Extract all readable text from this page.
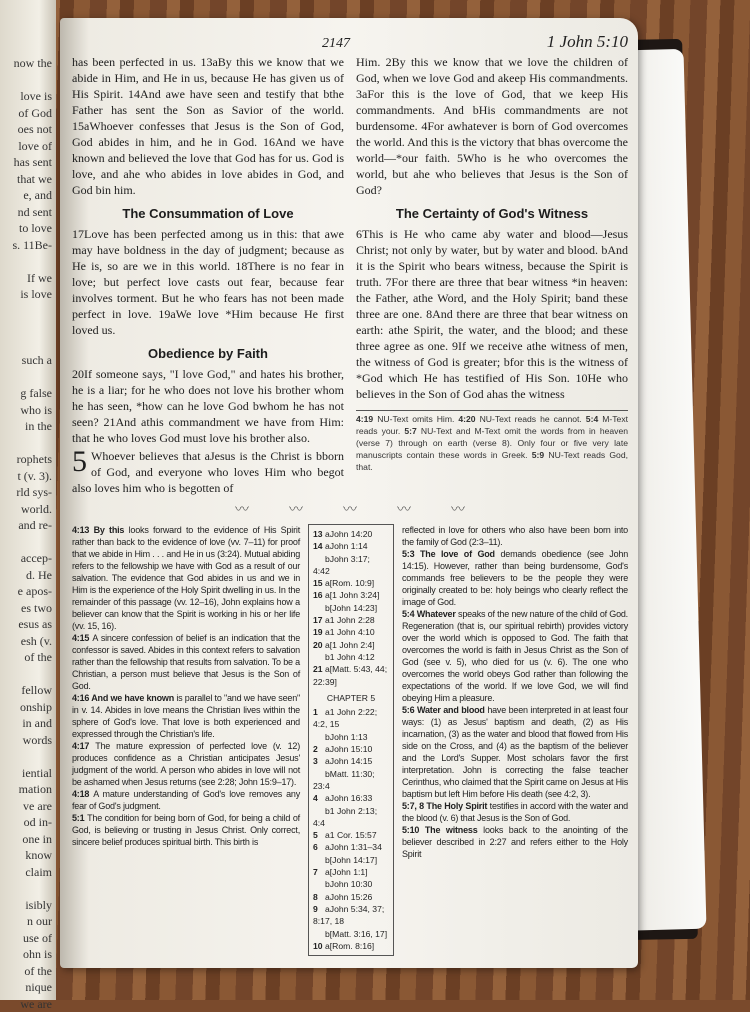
now the

love is
of God
oes not
love of
has sent
that we
e, and
nd sent
to love
s. 11Be-

If we
is love

such a

g false
who is
in the

rophets
t (v. 3).
rld sys-
world.
and re-

accep-
d. He
e apos-
es two
esus as
esh (v.
of the

fellow
onship
in and
words

iential
mation
ve are
od in-
one in
know
claim

isibly
n our
use of
ohn is
of the
nique
we are
2147	1 John 5:10

has been perfected in us. 13aBy this we know that we abide in Him, and He in us, because He has given us of His Spirit. 14And awe have seen and testify that bthe Father has sent the Son as Savior of the world. 15aWhoever confesses that Jesus is the Son of God, God abides in him, and he in God. 16And we have known and believed the love that God has for us. God is love, and ahe who abides in love abides in God, and God bin him.

The Consummation of Love

17Love has been perfected among us in this: that awe may have boldness in the day of judgment; because as He is, so are we in this world. 18There is no fear in love; but perfect love casts out fear, because fear involves torment. But he who fears has not been made perfect in love. 19aWe love *Him because He first loved us.

Obedience by Faith

20If someone says, "I love God," and hates his brother, he is a liar; for he who does not love his brother whom he has seen, *how can he love God bwhom he has not seen? 21And athis commandment we have from Him: that he who loves God must love his brother also.

5 Whoever believes that aJesus is the Christ is bborn of God, and everyone who loves Him who begot also loves him who is begotten of

Him. 2By this we know that we love the children of God, when we love God and akeep His commandments. 3aFor this is the love of God, that we keep His commandments. And bHis commandments are not burdensome. 4For awhatever is born of God overcomes the world. And this is the victory that bhas overcome the world—*our faith. 5Who is he who overcomes the world, but ahe who believes that Jesus is the Son of God?

The Certainty of God's Witness

6This is He who came aby water and blood—Jesus Christ; not only by water, but by water and blood. bAnd it is the Spirit who bears witness, because the Spirit is truth. 7For there are three that bear witness *in heaven: the Father, athe Word, and the Holy Spirit; band these three are one. 8And there are three that bear witness on earth: athe Spirit, the water, and the blood; and these three agree as one. 9If we receive athe witness of men, the witness of God is greater; bfor this is the witness of *God which He has testified of His Son. 10He who believes in the Son of God ahas the witness

4:19 NU-Text omits Him. 4:20 NU-Text reads he cannot. 5:4 M-Text reads your. 5:7 NU-Text and M-Text omit the words from in heaven (verse 7) through on earth (verse 8). Only four or five very late manuscripts contain these words in Greek. 5:9 NU-Text reads God, that.
〰	〰	〰	〰	〰

4:13 By this looks forward to the evidence of His Spirit rather than back to the evidence of love (vv. 7–11) for proof that we abide in Him . . . and He in us (3:24). Mutual abiding refers to the fellowship we have with God as a result of our salvation. The evidence that God abides in us and we in Him is the experience of the Holy Spirit dwelling in us. In the remainder of this passage (vv. 12–16), John explains how a believer can know that the Spirit is working in his or her life (vv. 15, 16).

4:15 A sincere confession of belief is an indication that the confessor is saved. Abides in this context refers to salvation rather than the fellowship that results from salvation. To be a Christian, a person must believe that Jesus is the Son of God.

4:16 And we have known is parallel to "and we have seen" in v. 14. Abides in love means the Christian lives within the sphere of God's love. That love is both experienced and expressed through the Christian's life.

4:17 The mature expression of perfected love (v. 12) produces confidence as a Christian anticipates Jesus' judgment of the world. A person who abides in love will not be ashamed when Jesus returns (see 2:28; John 15:9–17).

4:18 A mature understanding of God's love removes any fear of God's judgment.

5:1 The condition for being born of God, for being a child of God, is believing or trusting in Jesus Christ. Only correct, sincere belief produces spiritual birth. This birth is

13 aJohn 14:20
14 aJohn 1:14
bJohn 3:17; 4:42
15 a[Rom. 10:9]
16 a[1 John 3:24]
b[John 14:23]
17 a1 John 2:28
19 a1 John 4:10
20 a[1 John 2:4]
b1 John 4:12
21 a[Matt. 5:43, 44; 22:39]
CHAPTER 5
1 a1 John 2:22; 4:2, 15
bJohn 1:13
2 aJohn 15:10
3 aJohn 14:15
bMatt. 11:30; 23:4
4 aJohn 16:33
b1 John 2:13; 4:4
5 a1 Cor. 15:57
6 aJohn 1:31–34
b[John 14:17]
7 a[John 1:1]
bJohn 10:30
8 aJohn 15:26
9 aJohn 5:34, 37; 8:17, 18
b[Matt. 3:16, 17]
10 a[Rom. 8:16]

reflected in love for others who also have been born into the family of God (2:3–11).

5:3 The love of God demands obedience (see John 14:15). However, rather than being burdensome, God's commands free believers to be the people they were originally created to be: holy beings who clearly reflect the image of God.

5:4 Whatever speaks of the new nature of the child of God. Regeneration (that is, our spiritual rebirth) provides victory over the world which is opposed to God. The faith that overcomes the world is faith in Jesus Christ as the Son of God (see v. 5), who died for us (v. 6). The one who overcomes the world obeys God rather than following the expectations of the world. If we love God, we will find obeying Him a pleasure.

5:6 Water and blood have been interpreted in at least four ways: (1) as Jesus' baptism and death, (2) as His incarnation, (3) as the water and blood that flowed from His side on the Cross, and (4) as the baptism of the believer and the Lord's Supper. Most scholars favor the first interpretation. John is correcting the false teacher Cerinthus, who claimed that the Spirit came on Jesus at His baptism but left Him before His death (see 4:2, 3).

5:7, 8 The Holy Spirit testifies in accord with the water and the blood (v. 6) that Jesus is the Son of God.

5:10 The witness looks back to the anointing of the believer described in 2:27 and refers either to the Holy Spirit
